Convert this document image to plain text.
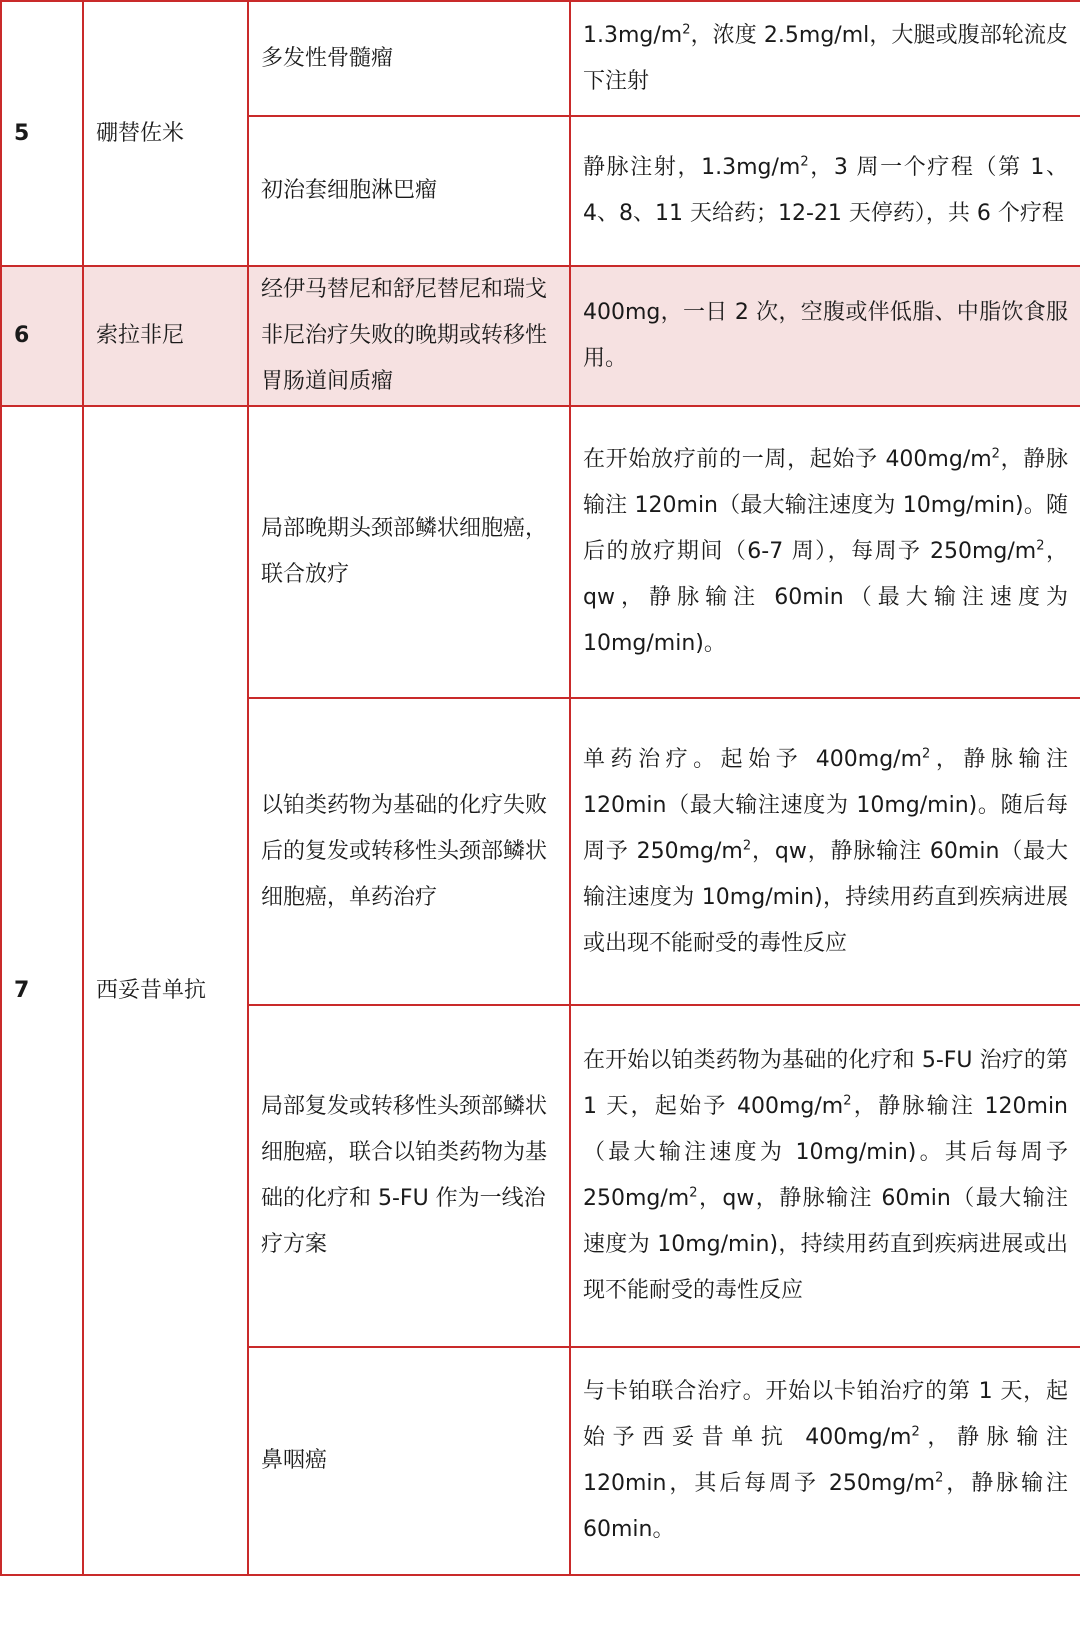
5	硼替佐米	多发性骨髓瘤	$1.3mg/m^2$，浓度 2.5mg/ml，大腿或腹部轮流皮下注射
		初治套细胞淋巴瘤	静脉注射，$1.3mg/m^2$，3 周一个疗程（第 1、4、8、11 天给药；12-21 天停药），共 6 个疗程
6	索拉非尼	经伊马替尼和舒尼替尼和瑞戈非尼治疗失败的晚期或转移性胃肠道间质瘤	400mg，一日 2 次，空腹或伴低脂、中脂饮食服用。
7	西妥昔单抗	局部晚期头颈部鳞状细胞癌，联合放疗	在开始放疗前的一周，起始予 $400mg/m^2$，静脉输注 120min（最大输注速度为 10mg/min)。随后的放疗期间（6-7 周），每周予 $250mg/m^2$，qw，静脉输注 60min（最大输注速度为 10mg/min)。
		以铂类药物为基础的化疗失败后的复发或转移性头颈部鳞状细胞癌，单药治疗	单药治疗。起始予 $400mg/m^2$，静脉输注 120min（最大输注速度为 10mg/min)。随后每周予 $250mg/m^2$，qw，静脉输注 60min（最大输注速度为 10mg/min)，持续用药直到疾病进展或出现不能耐受的毒性反应
		局部复发或转移性头颈部鳞状细胞癌，联合以铂类药物为基础的化疗和 5-FU 作为一线治疗方案	在开始以铂类药物为基础的化疗和 5-FU 治疗的第 1 天，起始予 $400mg/m^2$，静脉输注 120min（最大输注速度为 10mg/min)。其后每周予 $250mg/m^2$，qw，静脉输注 60min（最大输注速度为 10mg/min)，持续用药直到疾病进展或出现不能耐受的毒性反应
		鼻咽癌	与卡铂联合治疗。开始以卡铂治疗的第 1 天，起始予西妥昔单抗 $400mg/m^2$，静脉输注 120min，其后每周予 $250mg/m^2$，静脉输注 60min。
